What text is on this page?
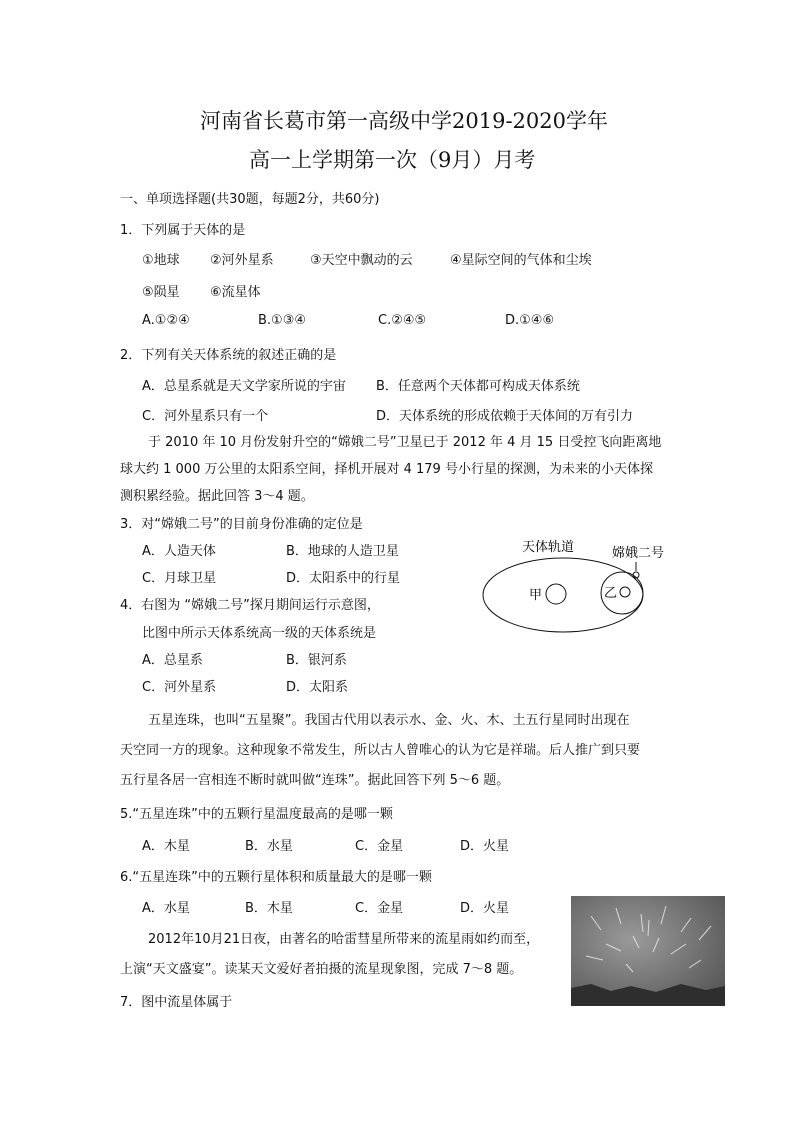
河南省长葛市第一高级中学2019-2020学年
高一上学期第一次（9月）月考
一、单项选择题(共30题，每题2分，共60分)
1．下列属于天体的是
①地球 ②河外星系	③天空中飘动的云	④星际空间的气体和尘埃
⑤陨星 ⑥流星体
A.①②④	B.①③④	C.②④⑤	D.①④⑥
2．下列有关天体系统的叙述正确的是
A．总星系就是天文学家所说的宇宙 B．任意两个天体都可构成天体系统
C．河外星系只有一个	D．天体系统的形成依赖于天体间的万有引力
于 2010 年 10 月份发射升空的“嫦娥二号”卫星已于 2012 年 4 月 15 日受控飞向距离地
球大约 1 000 万公里的太阳系空间，择机开展对 4 179 号小行星的探测，为未来的小天体探
测积累经验。据此回答 3～4 题。
3．对“嫦娥二号”的目前身份准确的定位是
A．人造天体	B．地球的人造卫星
C．月球卫星	D．太阳系中的行星
4．右图为 “嫦娥二号”探月期间运行示意图，
比图中所示天体系统高一级的天体系统是
A．总星系	B．银河系
C．河外星系	D．太阳系
天体轨道	嫦娥二号
甲	乙
五星连珠，也叫“五星聚”。我国古代用以表示水、金、火、木、土五行星同时出现在
天空同一方的现象。这种现象不常发生，所以古人曾唯心的认为它是祥瑞。后人推广到只要
五行星各居一宫相连不断时就叫做“连珠”。据此回答下列 5～6 题。
5.“五星连珠”中的五颗行星温度最高的是哪一颗
A．木星	B．水星	C．金星	D．火星
6.“五星连珠”中的五颗行星体积和质量最大的是哪一颗
A．水星	B．木星	C．金星	D．火星
2012年10月21日夜，由著名的哈雷彗星所带来的流星雨如约而至，
上演“天文盛宴”。读某天文爱好者拍摄的流星现象图，完成 7～8 题。
7．图中流星体属于
